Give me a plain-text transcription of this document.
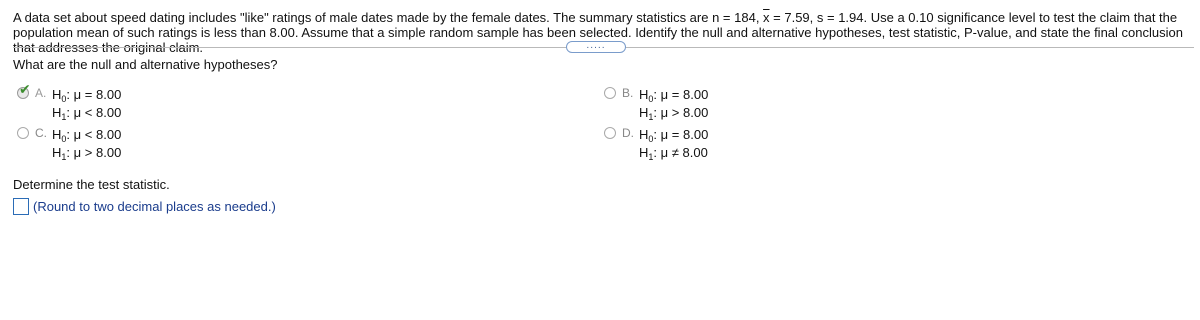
A data set about speed dating includes "like" ratings of male dates made by the female dates. The summary statistics are n = 184, $\overline{x} = 7.59$, s = 1.94. Use a 0.10 significance level to test the claim that the population mean of such ratings is less than 8.00. Assume that a simple random sample has been selected. Identify the null and alternative hypotheses, test statistic, P-value, and state the final conclusion that addresses the original claim.	.....
What are the null and alternative hypotheses?
✔ A. $H_0$: μ = 8.00
$H_1$: μ < 8.00
B. $H_0$: μ = 8.00
$H_1$: μ > 8.00
C. $H_0$: μ < 8.00
$H_1$: μ > 8.00
D. $H_0$: μ = 8.00
$H_1$: μ ≠ 8.00
Determine the test statistic.
(Round to two decimal places as needed.)
